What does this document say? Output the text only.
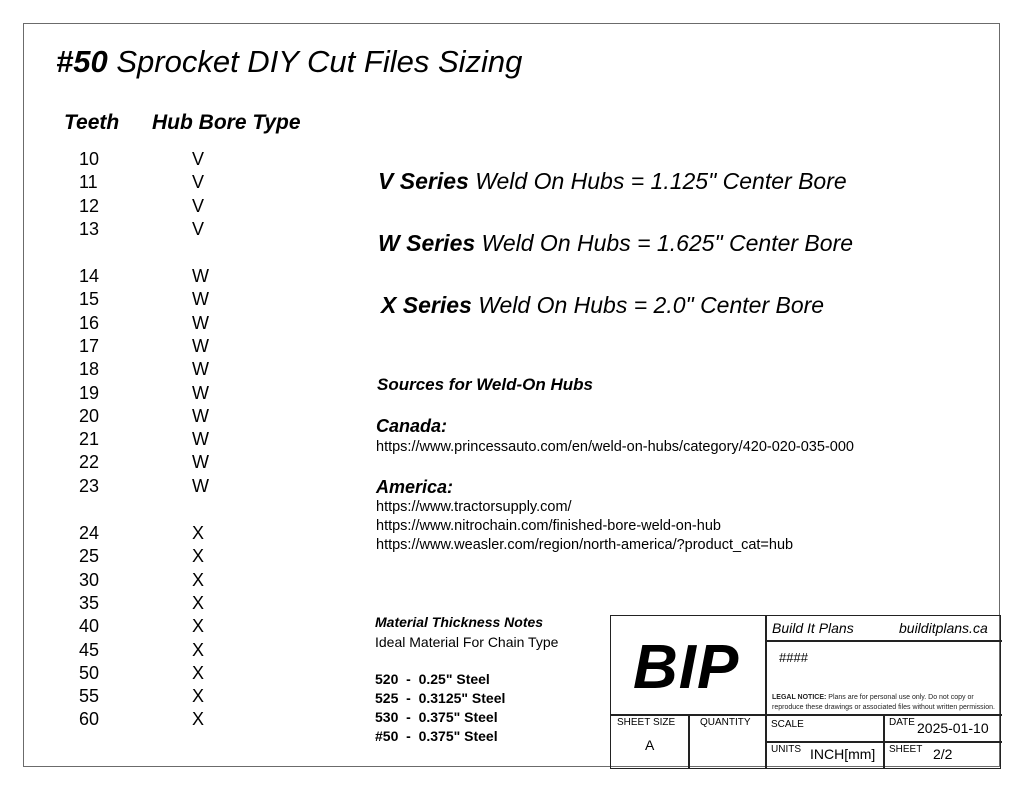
#50 Sprocket DIY Cut Files Sizing
Teeth Hub Bore Type
10	V
11	V
12	V
13	V
14	W
15	W
16	W
17	W
18	W
19	W
20	W
21	W
22	W
23	W
24	X
25	X
30	X
35	X
40	X
45	X
50	X
55	X
60	X
V Series Weld On Hubs = 1.125" Center Bore
W Series Weld On Hubs = 1.625" Center Bore
X Series Weld On Hubs = 2.0" Center Bore
Sources for Weld-On Hubs
Canada:
https://www.princessauto.com/en/weld-on-hubs/category/420-020-035-000
America:
https://www.tractorsupply.com/
https://www.nitrochain.com/finished-bore-weld-on-hub
https://www.weasler.com/region/north-america/?product_cat=hub
Material Thickness Notes
Ideal Material For Chain Type
520  -  0.25" Steel
525  -  0.3125" Steel
530  -  0.375" Steel
#50  -  0.375" Steel
BIP
Build It Plans	builditplans.ca
####
LEGAL NOTICE: Plans are for personal use only. Do not copy or reproduce these drawings or associated files without written permission.
SHEET SIZE
A
QUANTITY SCALE	DATE 2025-01-10
UNITS INCH[mm] SHEET 2/2
